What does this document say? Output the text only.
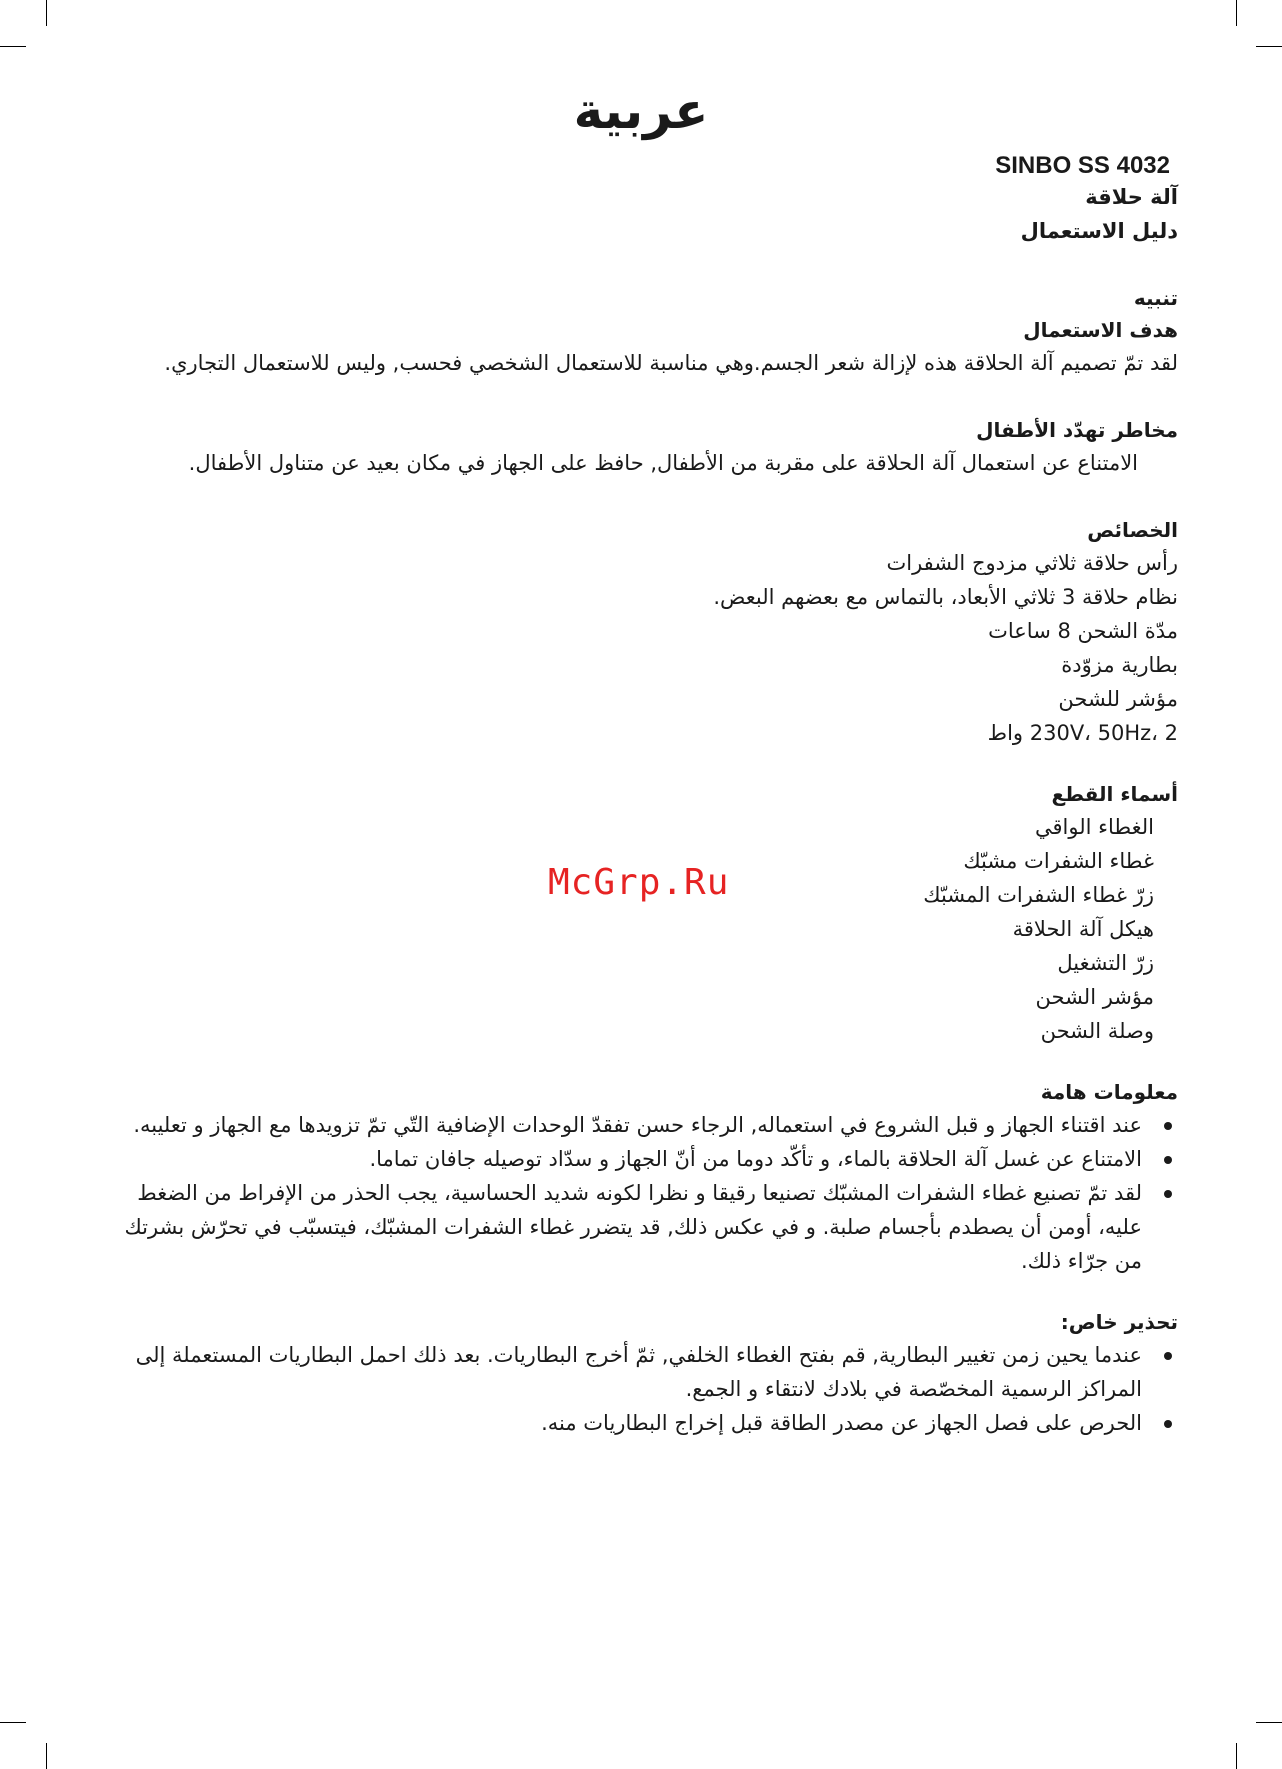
عربية
SINBO SS 4032
آلة حلاقة
دليل الاستعمال
تنبيه
هدف الاستعمال
لقد تمّ تصميم آلة الحلاقة هذه لإزالة شعر الجسم.وهي مناسبة للاستعمال الشخصي فحسب, وليس للاستعمال التجاري.
مخاطر تهدّد الأطفال
الامتناع عن استعمال آلة الحلاقة على مقربة من الأطفال, حافظ على الجهاز في مكان بعيد عن متناول الأطفال.
الخصائص
رأس حلاقة ثلاثي مزدوج الشفرات
نظام حلاقة 3 ثلاثي الأبعاد، بالتماس مع بعضهم البعض.
مدّة الشحن 8 ساعات
بطارية مزوّدة
مؤشر للشحن
230V، 50Hz، 2 واط
أسماء القطع
الغطاء الواقي
غطاء الشفرات مشبّك
زرّ غطاء الشفرات المشبّك
هيكل آلة الحلاقة
زرّ التشغيل
مؤشر الشحن
وصلة الشحن
معلومات هامة
عند اقتناء الجهاز و قبل الشروع في استعماله, الرجاء حسن تفقدّ الوحدات الإضافية التّي تمّ تزويدها مع الجهاز و تعليبه.
الامتناع عن غسل آلة الحلاقة بالماء، و تأكّد دوما من أنّ الجهاز و سدّاد توصيله جافان تماما.
لقد تمّ تصنيع غطاء الشفرات المشبّك تصنيعا رقيقا و نظرا لكونه شديد الحساسية، يجب الحذر من الإفراط من الضغط عليه، أومن أن يصطدم بأجسام صلبة. و في عكس ذلك, قد يتضرر غطاء الشفرات المشبّك، فيتسبّب في تحرّش بشرتك من جرّاء ذلك.
تحذير خاص:
عندما يحين زمن تغيير البطارية, قم بفتح الغطاء الخلفي, ثمّ أخرج البطاريات. بعد ذلك احمل البطاريات المستعملة إلى المراكز الرسمية المخصّصة في بلادك لانتقاء و الجمع.
الحرص على فصل الجهاز عن مصدر الطاقة قبل إخراج البطاريات منه.
McGrp.Ru
